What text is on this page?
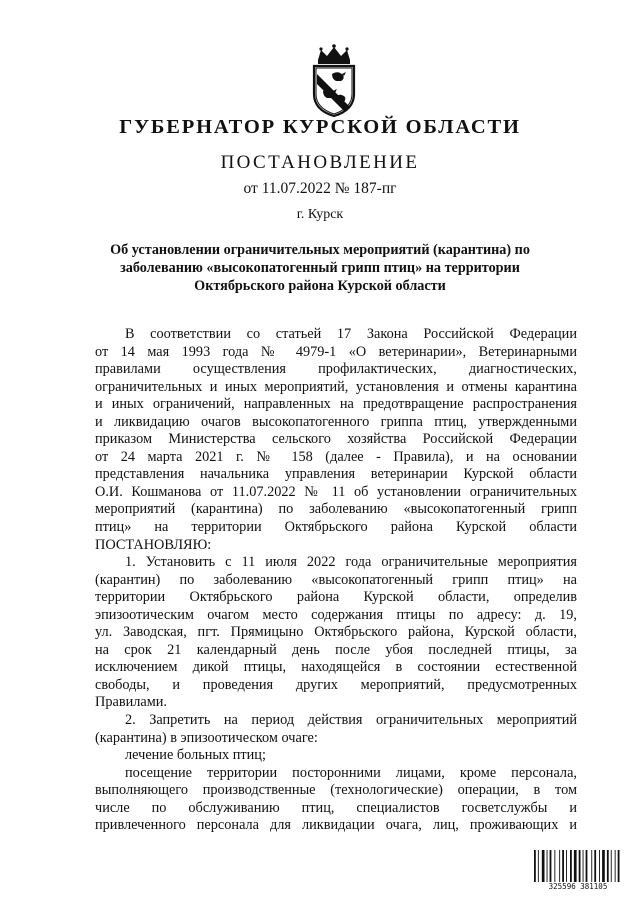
ГУБЕРНАТОР КУРСКОЙ ОБЛАСТИ
ПОСТАНОВЛЕНИЕ
от 11.07.2022 № 187-пг
г. Курск
Об установлении ограничительных мероприятий (карантина) по
заболеванию «высокопатогенный грипп птиц» на территории
Октябрьского района Курской области
В соответствии со статьей 17 Закона Российской Федерации
от 14 мая 1993 года № 4979-1 «О ветеринарии», Ветеринарными
правилами осуществления профилактических, диагностических,
ограничительных и иных мероприятий, установления и отмены карантина
и иных ограничений, направленных на предотвращение распространения
и ликвидацию очагов высокопатогенного гриппа птиц, утвержденными
приказом Министерства сельского хозяйства Российской Федерации
от 24 марта 2021 г. № 158 (далее - Правила), и на основании
представления начальника управления ветеринарии Курской области
О.И. Кошманова от 11.07.2022 № 11 об установлении ограничительных
мероприятий (карантина) по заболеванию «высокопатогенный грипп
птиц» на территории Октябрьского района Курской области
ПОСТАНОВЛЯЮ:
1. Установить с 11 июля 2022 года ограничительные мероприятия
(карантин) по заболеванию «высокопатогенный грипп птиц» на
территории Октябрьского района Курской области, определив
эпизоотическим очагом место содержания птицы по адресу: д. 19,
ул. Заводская, пгт. Прямицыно Октябрьского района, Курской области,
на срок 21 календарный день после убоя последней птицы, за
исключением дикой птицы, находящейся в состоянии естественной
свободы, и проведения других мероприятий, предусмотренных
Правилами.
2. Запретить на период действия ограничительных мероприятий
(карантина) в эпизоотическом очаге:
лечение больных птиц;
посещение территории посторонними лицами, кроме персонала,
выполняющего производственные (технологические) операции, в том
числе по обслуживанию птиц, специалистов госветслужбы и
привлеченного персонала для ликвидации очага, лиц, проживающих и
325596 381105
